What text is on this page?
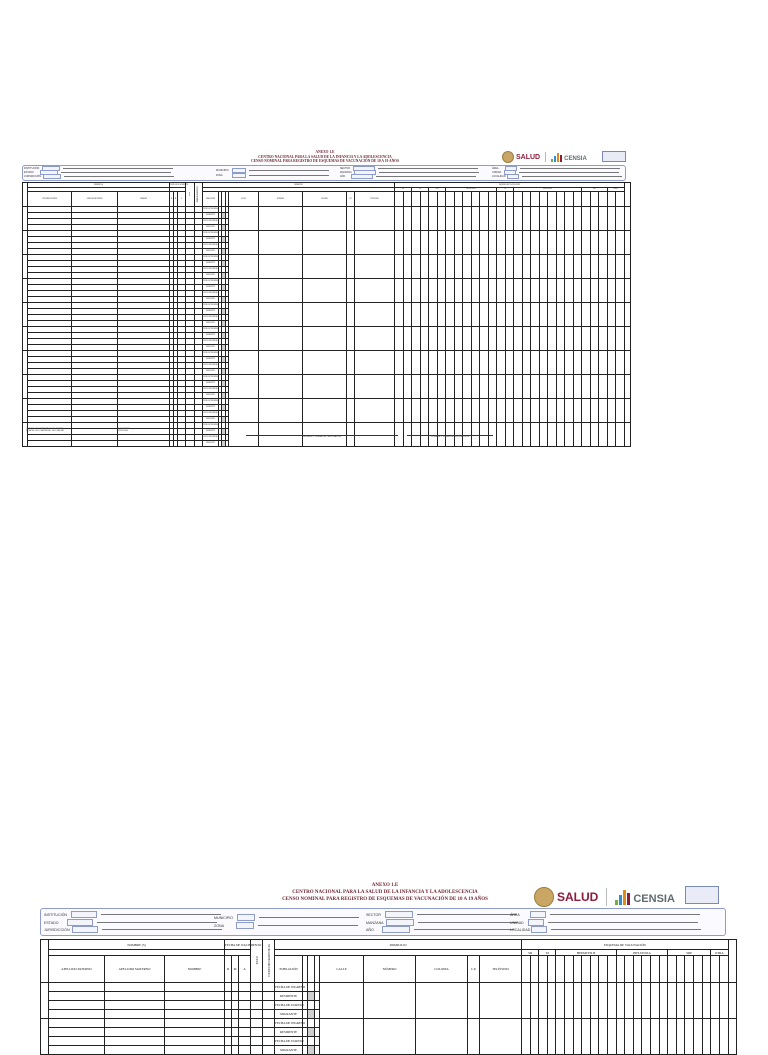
ANEXO 1.E
CENTRO NACIONAL PARA LA SALUD DE LA INFANCIA Y LA ADOLESCENCIA
CENSO NOMINAL PARA REGISTRO DE ESQUEMAS DE VACUNACIÓN DE 10 A 19 AÑOS
SALUD	CENSIA
INSTITUCIÓN
ESTADO
JURISDICCIÓN
MUNICIPIO
ZONA
SECTOR
MANZANA
AÑO
ÁREA
UNIDAD
LOCALIDAD
	NOMBRE (S)			FECHA DE NACIMIENTO			SEXO	DERECHOHABIENCIA	DOMICILIO									ESQUEMA DE VACUNACIÓN																											
																		SR		Td		VPH		HEPATITIS B						Td		INFLUENZA								SRP			OTRA		
	APELLIDO PATERNO	APELLIDO MATERNO	NOMBRE	D	M	A			POBLACIÓN				CALLE	NÚMERO	COLONIA	C.P.	TELÉFONO																												
									FECHA DE INGRESO																																				
									RESIDENTE																																				
									FECHA DE EGRESO																																				
									MIGRANTE																																				
									FECHA DE INGRESO																																				
									RESIDENTE																																				
									FECHA DE EGRESO																																				
									MIGRANTE																																				
									FECHA DE INGRESO																																				
									RESIDENTE																																				
									FECHA DE EGRESO																																				
									MIGRANTE																																				
									FECHA DE INGRESO																																				
									RESIDENTE																																				
									FECHA DE EGRESO																																				
									MIGRANTE																																				
									FECHA DE INGRESO																																				
									RESIDENTE																																				
									FECHA DE EGRESO																																				
									MIGRANTE																																				
									FECHA DE INGRESO																																				
									RESIDENTE																																				
									FECHA DE EGRESO																																				
									MIGRANTE																																				
									FECHA DE INGRESO																																				
									RESIDENTE																																				
									FECHA DE EGRESO																																				
									MIGRANTE																																				
									FECHA DE INGRESO																																				
									RESIDENTE																																				
									FECHA DE EGRESO																																				
									MIGRANTE																																				
									FECHA DE INGRESO																																				
									RESIDENTE																																				
									FECHA DE EGRESO																																				
									MIGRANTE																																				
									FECHA DE INGRESO																																				
									RESIDENTE																																				
									FECHA DE EGRESO																																				
									MIGRANTE																																				
(1) APELLIDO PATERNO DEL PADRE
(2) APELLIDO MATERNO DEL PADRE
(3) NOMBRE
(4) FECHA
NOMBRE Y FIRMA DEL VACUNADOR	NOMBRE Y FIRMA DEL SUPERVISOR
ANEXO 1.E
CENTRO NACIONAL PARA LA SALUD DE LA INFANCIA Y LA ADOLESCENCIA
CENSO NOMINAL PARA REGISTRO DE ESQUEMAS DE VACUNACIÓN DE 10 A 19 AÑOS	SALUD	CENSIA
INSTITUCIÓN
ESTADO
JURISDICCIÓN
MUNICIPIO
ZONA
SECTOR
MANZANA
AÑO
ÁREA
UNIDAD
LOCALIDAD
	NOMBRE (S)			FECHA DE NACIMIENTO			SEXO	DERECHOHABIENCIA	DOMICILIO									ESQUEMA DE VACUNACIÓN																								
																		SR		Td		HEPATITIS B							INFLUENZA						SRP					OTRA		
	APELLIDO PATERNO	APELLIDO MATERNO	NOMBRE	D	M	A			POBLACIÓN				CALLE	NÚMERO	COLONIA	C.P.	TELÉFONO																									
									FECHA DE INGRESO																																	
									RESIDENTE																																	
									FECHA DE EGRESO																																	
									MIGRANTE																																	
									FECHA DE INGRESO																																	
									RESIDENTE																																	
									FECHA DE EGRESO																																	
									MIGRANTE																																	
